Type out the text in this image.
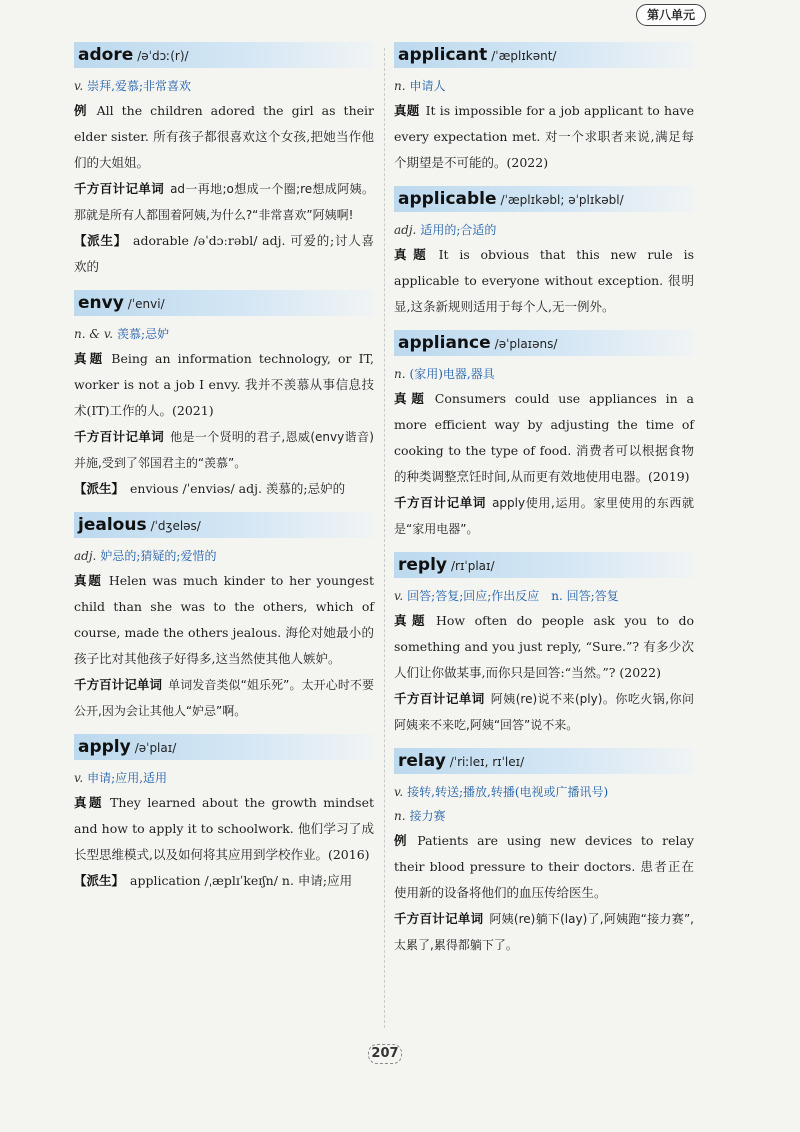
第八单元
adore /əˈdɔː(r)/
v. 崇拜,爱慕;非常喜欢

例 All the children adored the girl as their elder sister. 所有孩子都很喜欢这个女孩,把她当作他们的大姐姐。

千方百计记单词 ad一再地;o想成一个圈;re想成阿姨。那就是所有人都围着阿姨,为什么?“非常喜欢”阿姨啊!

【派生】 adorable /əˈdɔːrəbl/ adj. 可爱的;讨人喜欢的

envy /ˈenvi/
n. & v. 羡慕;忌妒

真题 Being an information technology, or IT, worker is not a job I envy. 我并不羡慕从事信息技术(IT)工作的人。(2021)

千方百计记单词 他是一个贤明的君子,恩威(envy谐音)并施,受到了邻国君主的“羡慕”。

【派生】 envious /ˈenviəs/ adj. 羡慕的;忌妒的

jealous /ˈdʒeləs/
adj. 妒忌的;猜疑的;爱惜的

真题 Helen was much kinder to her youngest child than she was to the others, which of course, made the others jealous. 海伦对她最小的孩子比对其他孩子好得多,这当然使其他人嫉妒。

千方百计记单词 单词发音类似“姐乐死”。太开心时不要公开,因为会让其他人“妒忌”啊。

apply /əˈplaɪ/
v. 申请;应用,适用

真题 They learned about the growth mindset and how to apply it to schoolwork. 他们学习了成长型思维模式,以及如何将其应用到学校作业。(2016)

【派生】 application /ˌæplɪˈkeɪʃn/ n. 申请;应用

applicant /ˈæplɪkənt/
n. 申请人

真题 It is impossible for a job applicant to have every expectation met. 对一个求职者来说,满足每个期望是不可能的。(2022)

applicable /ˈæplɪkəbl; əˈplɪkəbl/
adj. 适用的;合适的

真题 It is obvious that this new rule is applicable to everyone without exception. 很明显,这条新规则适用于每个人,无一例外。

appliance /əˈplaɪəns/
n. (家用)电器,器具

真题 Consumers could use appliances in a more efficient way by adjusting the time of cooking to the type of food. 消费者可以根据食物的种类调整烹饪时间,从而更有效地使用电器。(2019)

千方百计记单词 apply使用,运用。家里使用的东西就是“家用电器”。

reply /rɪˈplaɪ/
v. 回答;答复;回应;作出反应　n. 回答;答复

真题 How often do people ask you to do something and you just reply, “Sure.”? 有多少次人们让你做某事,而你只是回答:“当然。”? (2022)

千方百计记单词 阿姨(re)说不来(ply)。你吃火锅,你问阿姨来不来吃,阿姨“回答”说不来。

relay /ˈriːleɪ, rɪˈleɪ/
v. 接转,转送;播放,转播(电视或广播讯号)
n. 接力赛

例 Patients are using new devices to relay their blood pressure to their doctors. 患者正在使用新的设备将他们的血压传给医生。

千方百计记单词 阿姨(re)躺下(lay)了,阿姨跑“接力赛”,太累了,累得都躺下了。

207
